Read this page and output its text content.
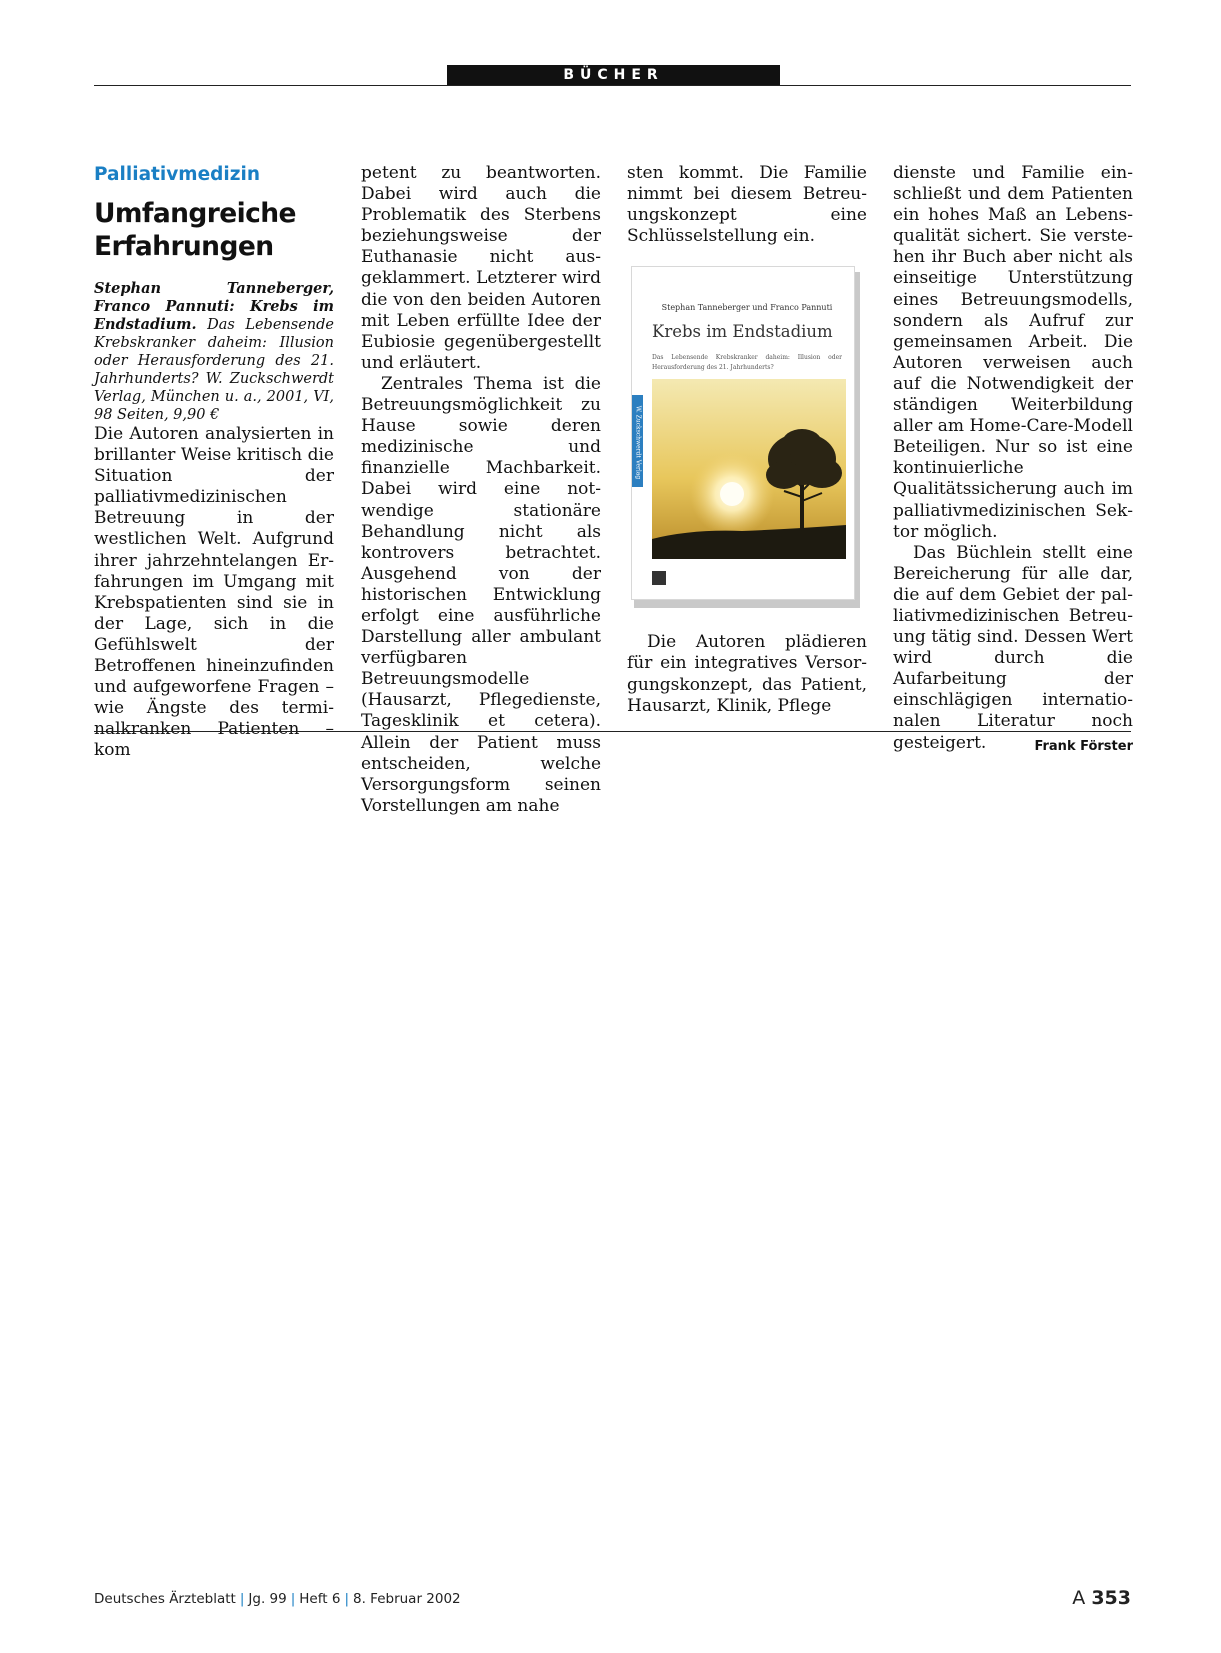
BÜCHER
Palliativmedizin
Umfangreiche
Erfahrungen

Stephan Tanneberger, Franco Pannuti: Krebs im Endstadium. Das Lebensende Krebskranker daheim: Illusion oder Herausforderung des 21. Jahrhunderts? W. Zuckschwerdt Verlag, München u. a., 2001, VI, 98 Seiten, 9,90 €

Die Autoren analysierten in brillanter Weise kritisch die Situation der palliativmedizinischen Betreuung in der westlichen Welt. Aufgrund ihrer jahrzehntelangen Erfahrungen im Umgang mit Krebspatienten sind sie in der Lage, sich in die Gefühlswelt der Betroffenen hineinzufinden und aufgeworfene Fragen – wie Ängste des terminalkranken Patienten – kom

petent zu beantworten. Dabei wird auch die Problematik des Sterbens beziehungsweise der Euthanasie nicht ausgeklammert. Letzterer wird die von den beiden Autoren mit Leben erfüllte Idee der Eubiosie gegenübergestellt und erläutert.

Zentrales Thema ist die Betreuungsmöglichkeit zu Hause sowie deren medizinische und finanzielle Machbarkeit. Dabei wird eine notwendige stationäre Behandlung nicht als kontrovers betrachtet. Ausgehend von der historischen Entwicklung erfolgt eine ausführliche Darstellung aller ambulant verfügbaren Betreuungsmodelle (Hausarzt, Pflegedienste, Tagesklinik et cetera). Allein der Patient muss entscheiden, welche Versorgungsform seinen Vorstellungen am nahe

sten kommt. Die Familie nimmt bei diesem Betreuungskonzept eine Schlüsselstellung ein.

Stephan Tanneberger und Franco Pannuti
Krebs im Endstadium
Das Lebensende Krebskranker daheim: Illusion oder Herausforderung des 21. Jahrhunderts?
W. Zuckschwerdt Verlag

Die Autoren plädieren für ein integratives Versorgungskonzept, das Patient, Hausarzt, Klinik, Pflege

dienste und Familie einschließt und dem Patienten ein hohes Maß an Lebensqualität sichert. Sie verstehen ihr Buch aber nicht als einseitige Unterstützung eines Betreuungsmodells, sondern als Aufruf zur gemeinsamen Arbeit. Die Autoren verweisen auch auf die Notwendigkeit der ständigen Weiterbildung aller am Home-Care-Modell Beteiligen. Nur so ist eine kontinuierliche Qualitätssicherung auch im palliativmedizinischen Sektor möglich.

Das Büchlein stellt eine Bereicherung für alle dar, die auf dem Gebiet der palliativmedizinischen Betreuung tätig sind. Dessen Wert wird durch die Aufarbeitung der einschlägigen internationalen Literatur noch gesteigert.	Frank Förster

Deutsches Ärzteblatt | Jg. 99 | Heft 6 | 8. Februar 2002	A 353
